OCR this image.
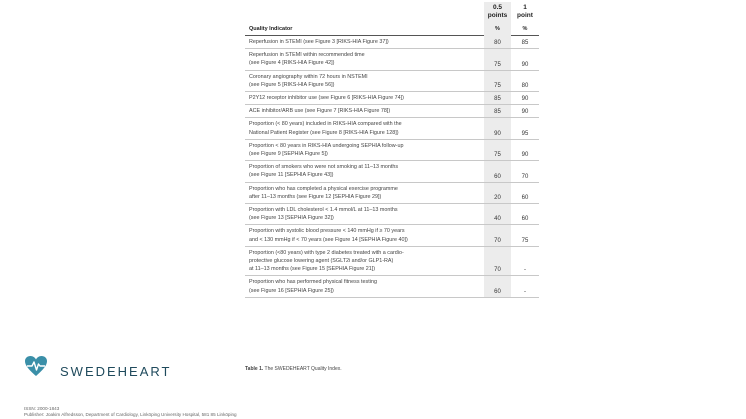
0.5
points
1
point
Quality Indicator	%	%
Reperfusion in STEMI (see Figure 3 [RIKS-HIA Figure 37])	80	85
Reperfusion in STEMI within recommended time
(see Figure 4 [RIKS-HIA Figure 42])	75	90
Coronary angiography within 72 hours in NSTEMI
(see Figure 5 [RIKS-HIA Figure 56])	75	80
P2Y12 receptor inhibitor use (see Figure 6 [RIKS-HIA Figure 74])	85	90
ACE inhibitor/ARB use (see Figure 7 [RIKS-HIA Figure 78])	85	90
Proportion (< 80 years) included in RIKS-HIA compared with the
National Patient Register (see Figure 8 [RIKS-HIA Figure 128])	90	95
Proportion < 80 years in RIKS-HIA undergoing SEPHIA follow-up
(see Figure 9 [SEPHIA Figure 5])	75	90
Proportion of smokers who were not smoking at 11–13 months
(see Figure 11 [SEPHIA Figure 43])	60	70
Proportion who has completed a physical exercise programme
after 11–13 months (see Figure 12 [SEPHIA Figure 29])	20	60
Proportion with LDL cholesterol < 1.4 mmol/L at 11–13 months
(see Figure 13 [SEPHIA Figure 32])	40	60
Proportion with systolic blood pressure < 140 mmHg if ≥ 70 years
and < 130 mmHg if < 70 years (see Figure 14 [SEPHIA Figure 40])	70	75
Proportion (<80 years) with type 2 diabetes treated with a cardio-
protective glucose lowering agent (SGLT2i and/or GLP1-RA)
at 11–13 months (see Figure 15 [SEPHIA Figure 21])	70	-
Proportion who has performed physical fitness testing
(see Figure 16 [SEPHIA Figure 25])	60	-
SWEDEHEART	Table 1. The SWEDEHEART Quality Index.
ISSN: 2000-1843
Publisher: Joakim Alfredsson, Department of Cardiology, Linköping University Hospital, 581 85 Linköping
